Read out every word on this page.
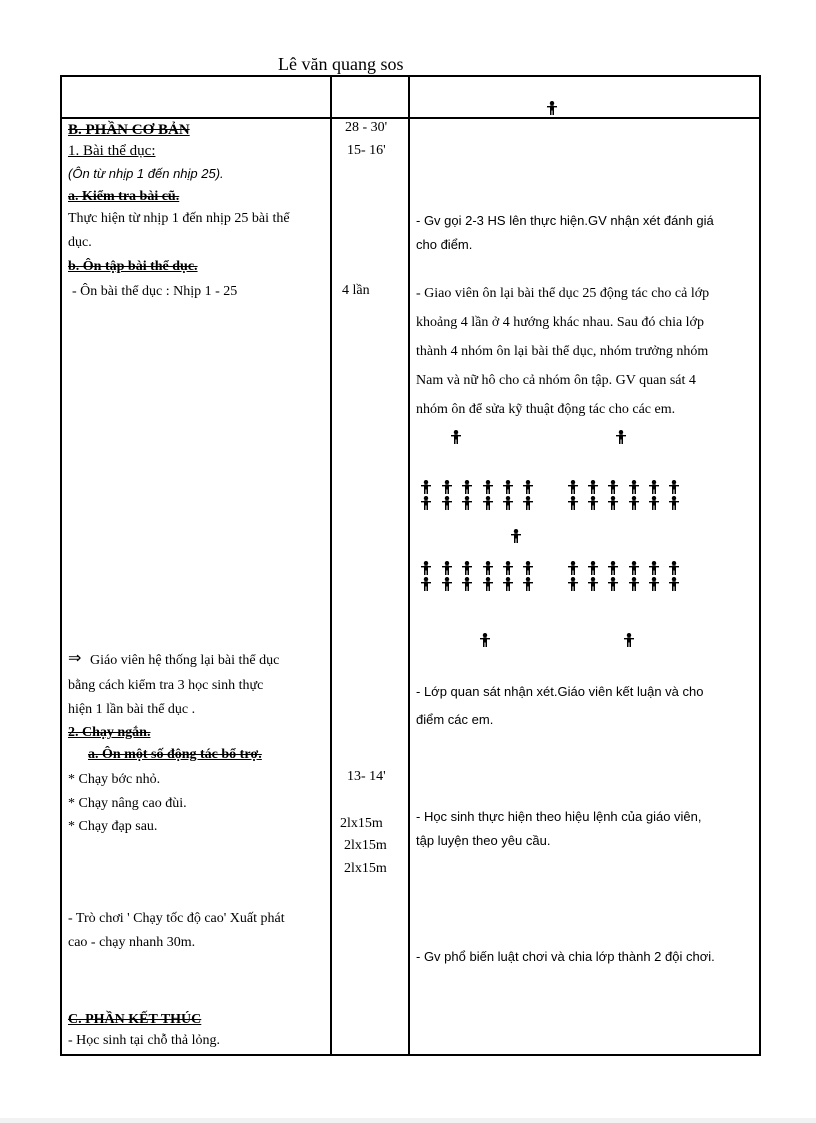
Lê văn quang sos
B. PHẦN CƠ BẢN
1. Bài thể dục:
(Ôn từ nhịp 1 đến nhịp 25).
a. Kiểm tra bài cũ.
Thực hiện từ nhịp 1 đến nhịp 25 bài thể
dục.
b. Ôn tập bài thể dục.
- Ôn bài thể dục : Nhịp 1 - 25
⇒ Giáo viên hệ thống lại bài thể dục
bằng cách kiểm tra 3 học sinh thực
hiện 1 lần bài thể dục .
2. Chạy ngắn.
a. Ôn một số động tác bổ trợ.
* Chạy bớc nhỏ.
* Chạy nâng cao đùi.
* Chạy đạp sau.
- Trò chơi ' Chạy tốc độ cao' Xuất phát
cao - chạy nhanh 30m.
C. PHẦN KẾT THÚC
- Học sinh tại chỗ thả lỏng.
28 - 30'
15- 16'
4 lần
13- 14'
2lx15m
2lx15m
2lx15m
- Gv gọi 2-3 HS lên thực hiện.GV nhận xét đánh giá
cho điểm.
- Giao viên ôn lại bài thể dục 25 động tác cho cả lớp
khoảng 4 lần ở 4 hướng khác nhau. Sau đó chia lớp
thành 4 nhóm ôn lại bài thể dục, nhóm trưởng nhóm
Nam và nữ hô cho cả nhóm ôn tập. GV quan sát 4
nhóm ôn để sửa kỹ thuật động tác cho các em.
- Lớp quan sát nhận xét.Giáo viên kết luận và cho
điểm các em.
- Học sinh thực hiện theo hiệu lệnh của giáo viên,
tập luyện theo yêu cầu.
- Gv phổ biến luật chơi và chia lớp thành 2 đội chơi.
